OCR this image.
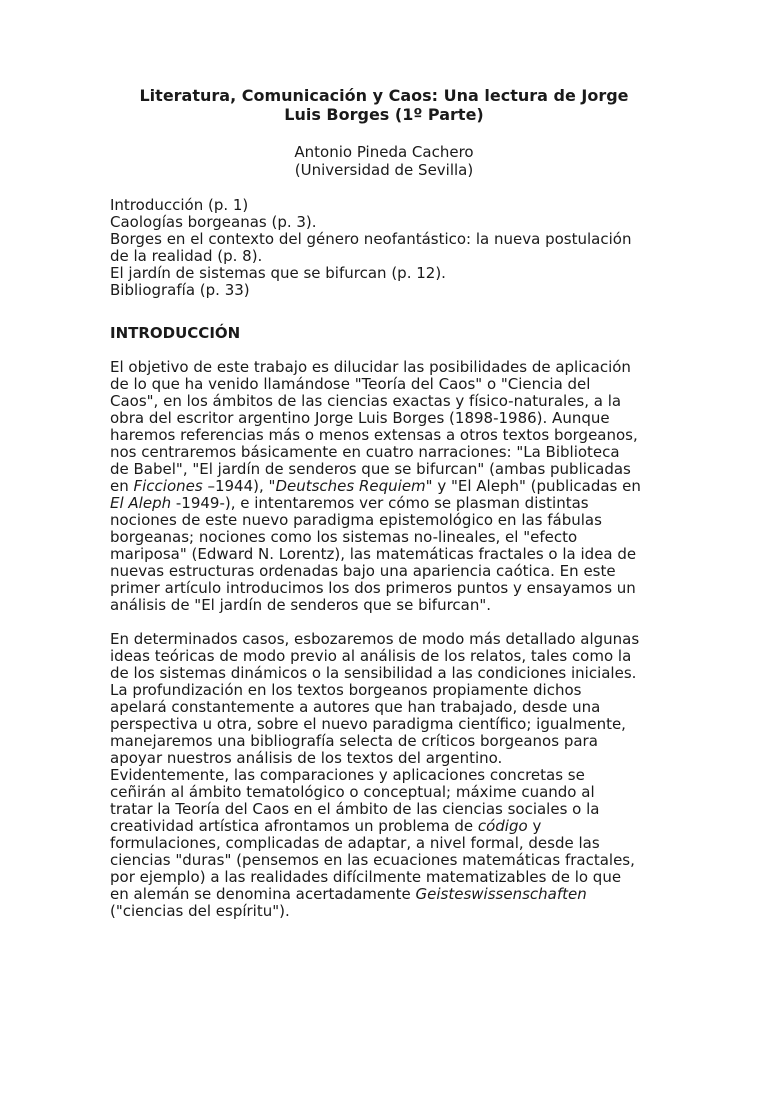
Literatura, Comunicación y Caos: Una lectura de Jorge
Luis Borges (1º Parte)
Antonio Pineda Cachero
(Universidad de Sevilla)
Introducción (p. 1)
Caologías borgeanas (p. 3).
Borges en el contexto del género neofantástico: la nueva postulación
de la realidad (p. 8).
El jardín de sistemas que se bifurcan (p. 12).
Bibliografía (p. 33)
INTRODUCCIÓN
El objetivo de este trabajo es dilucidar las posibilidades de aplicación
de lo que ha venido llamándose "Teoría del Caos" o "Ciencia del
Caos", en los ámbitos de las ciencias exactas y físico-naturales, a la
obra del escritor argentino Jorge Luis Borges (1898-1986). Aunque
haremos referencias más o menos extensas a otros textos borgeanos,
nos centraremos básicamente en cuatro narraciones: "La Biblioteca
de Babel", "El jardín de senderos que se bifurcan" (ambas publicadas
en Ficciones –1944), "Deutsches Requiem" y "El Aleph" (publicadas en
El Aleph -1949-), e intentaremos ver cómo se plasman distintas
nociones de este nuevo paradigma epistemológico en las fábulas
borgeanas; nociones como los sistemas no-lineales, el "efecto
mariposa" (Edward N. Lorentz), las matemáticas fractales o la idea de
nuevas estructuras ordenadas bajo una apariencia caótica. En este
primer artículo introducimos los dos primeros puntos y ensayamos un
análisis de "El jardín de senderos que se bifurcan".
En determinados casos, esbozaremos de modo más detallado algunas
ideas teóricas de modo previo al análisis de los relatos, tales como la
de los sistemas dinámicos o la sensibilidad a las condiciones iniciales.
La profundización en los textos borgeanos propiamente dichos
apelará constantemente a autores que han trabajado, desde una
perspectiva u otra, sobre el nuevo paradigma científico; igualmente,
manejaremos una bibliografía selecta de críticos borgeanos para
apoyar nuestros análisis de los textos del argentino.
Evidentemente, las comparaciones y aplicaciones concretas se
ceñirán al ámbito tematológico o conceptual; máxime cuando al
tratar la Teoría del Caos en el ámbito de las ciencias sociales o la
creatividad artística afrontamos un problema de código y
formulaciones, complicadas de adaptar, a nivel formal, desde las
ciencias "duras" (pensemos en las ecuaciones matemáticas fractales,
por ejemplo) a las realidades difícilmente matematizables de lo que
en alemán se denomina acertadamente Geisteswissenschaften
("ciencias del espíritu").
